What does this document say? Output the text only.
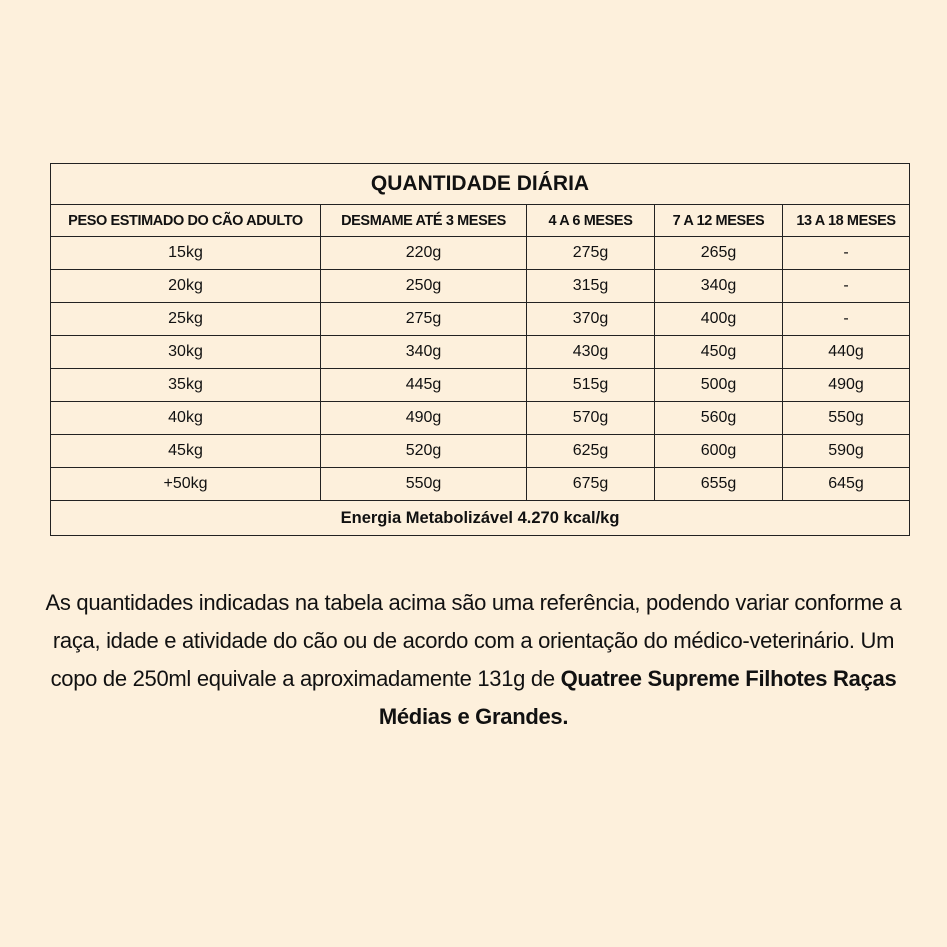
QUANTIDADE DIÁRIA				
PESO ESTIMADO DO CÃO ADULTO	DESMAME ATÉ 3 MESES	4 A 6 MESES	7 A 12 MESES	13 A 18 MESES
15kg	220g	275g	265g	-
20kg	250g	315g	340g	-
25kg	275g	370g	400g	-
30kg	340g	430g	450g	440g
35kg	445g	515g	500g	490g
40kg	490g	570g	560g	550g
45kg	520g	625g	600g	590g
+50kg	550g	675g	655g	645g
Energia Metabolizável 4.270 kcal/kg				

As quantidades indicadas na tabela acima são uma referência, podendo variar conforme a raça, idade e atividade do cão ou de acordo com a orientação do médico-veterinário. Um copo de 250ml equivale a aproximadamente 131g de Quatree Supreme Filhotes Raças Médias e Grandes.
